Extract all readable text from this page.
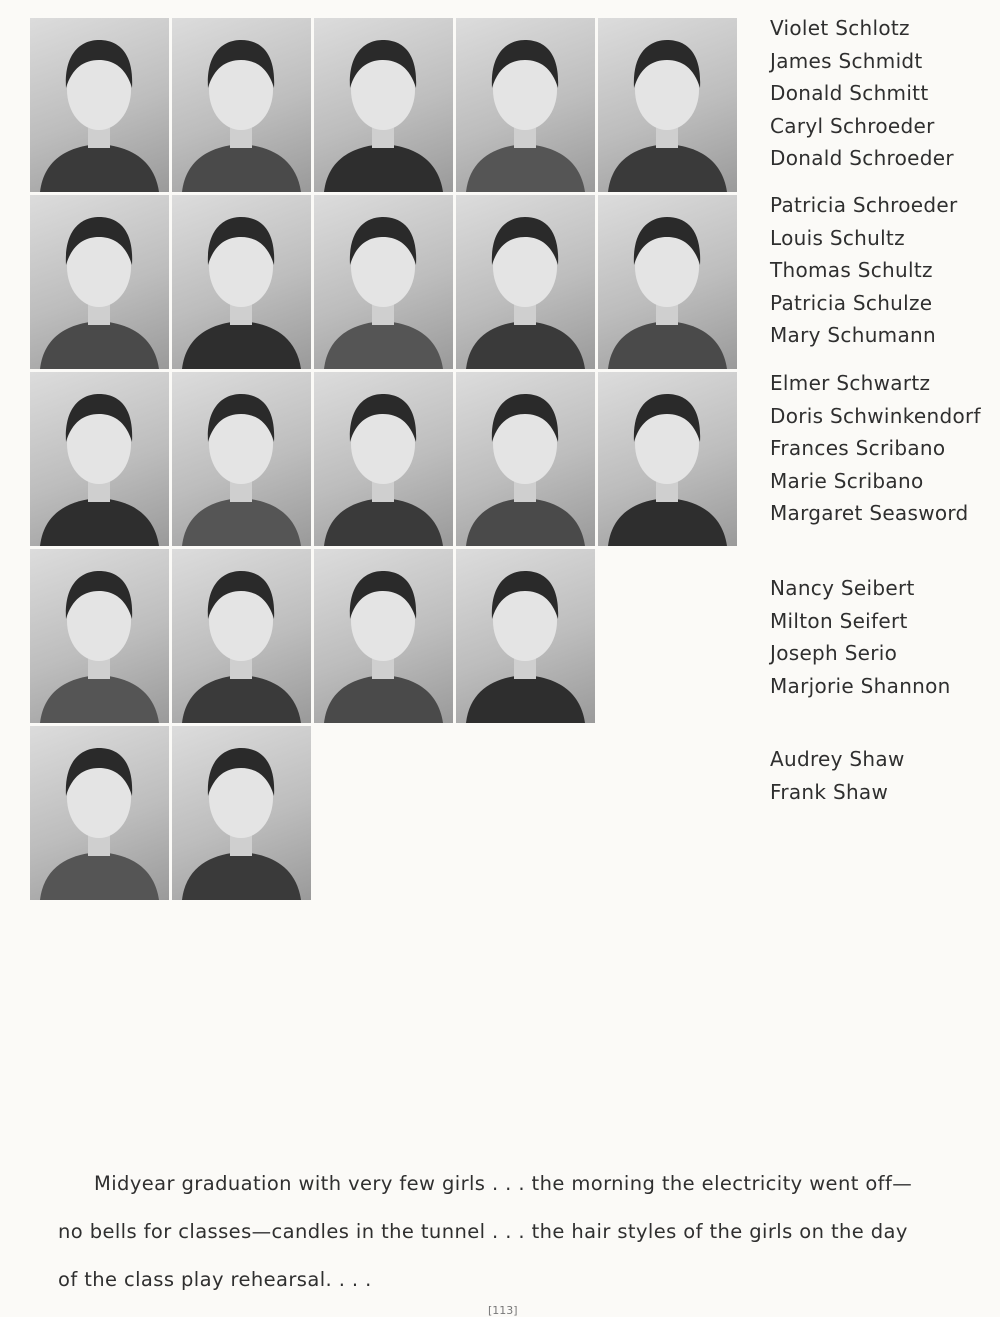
Violet Schlotz
James Schmidt
Donald Schmitt
Caryl Schroeder
Donald Schroeder
Patricia Schroeder
Louis Schultz
Thomas Schultz
Patricia Schulze
Mary Schumann
Elmer Schwartz
Doris Schwinkendorf
Frances Scribano
Marie Scribano
Margaret Seasword
Nancy Seibert
Milton Seifert
Joseph Serio
Marjorie Shannon
Audrey Shaw
Frank Shaw
Midyear graduation with very few girls . . . the morning the electricity went off—
no bells for classes—candles in the tunnel . . . the hair styles of the girls on the day
of the class play rehearsal. . . .
[113]
